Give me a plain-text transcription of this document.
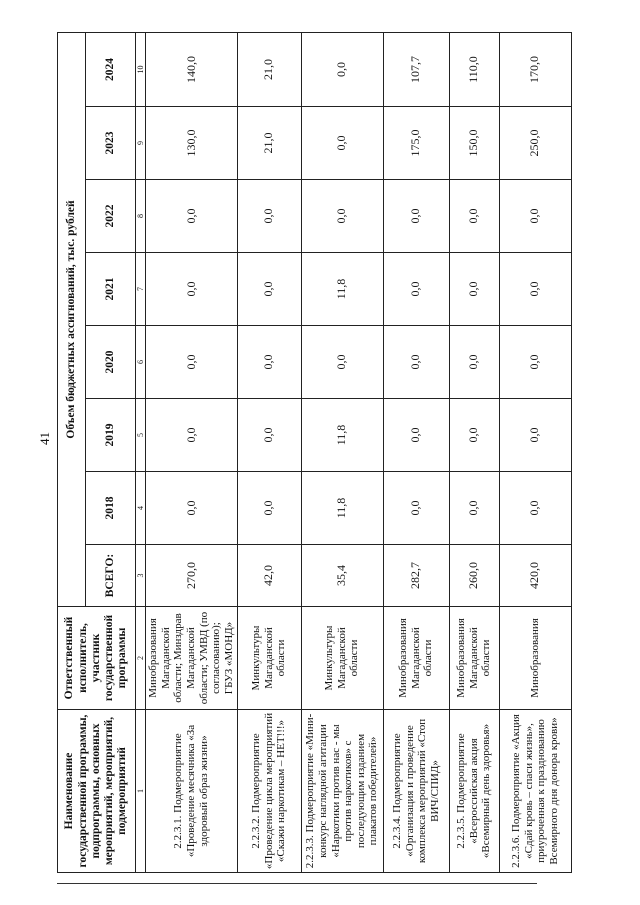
41
Наименование государственной программы, подпрограммы, основных мероприятий, мероприятий, подмероприятий	Ответственный исполнитель, участник государственной программы	Объем бюджетных ассигнований, тыс. рублей							
		ВСЕГО:	2018	2019	2020	2021	2022	2023	2024
1	2	3	4	5	6	7	8	9	10
2.2.3.1. Подмероприятие «Проведение месячника «За здоровый образ жизни»	Минобразования Магаданской области; Минздрав Магаданской области; УМВД (по согласованию); ГБУЗ «МОНД»	270,0	0,0	0,0	0,0	0,0	0,0	130,0	140,0
2.2.3.2. Подмероприятие «Проведение цикла мероприятий «Скажи наркотикам – НЕТ!!!»	Минкультуры Магаданской области	42,0	0,0	0,0	0,0	0,0	0,0	21,0	21,0
2.2.3.3. Подмероприятие «Мини-конкурс наглядной агитации «Наркотики против нас - мы против наркотиков» с последующим изданием плакатов победителей»	Минкультуры Магаданской области	35,4	11,8	11,8	0,0	11,8	0,0	0,0	0,0
2.2.3.4. Подмероприятие «Организация и проведение комплекса мероприятий «Стоп ВИЧ/СПИД»	Минобразования Магаданской области	282,7	0,0	0,0	0,0	0,0	0,0	175,0	107,7
2.2.3.5. Подмероприятие «Всероссийская акция «Всемирный день здоровья»	Минобразования Магаданской области	260,0	0,0	0,0	0,0	0,0	0,0	150,0	110,0
2.2.3.6. Подмероприятие «Акция «Сдай кровь – спаси жизнь», приуроченная к празднованию Всемирного дня донора крови»	Минобразования	420,0	0,0	0,0	0,0	0,0	0,0	250,0	170,0
